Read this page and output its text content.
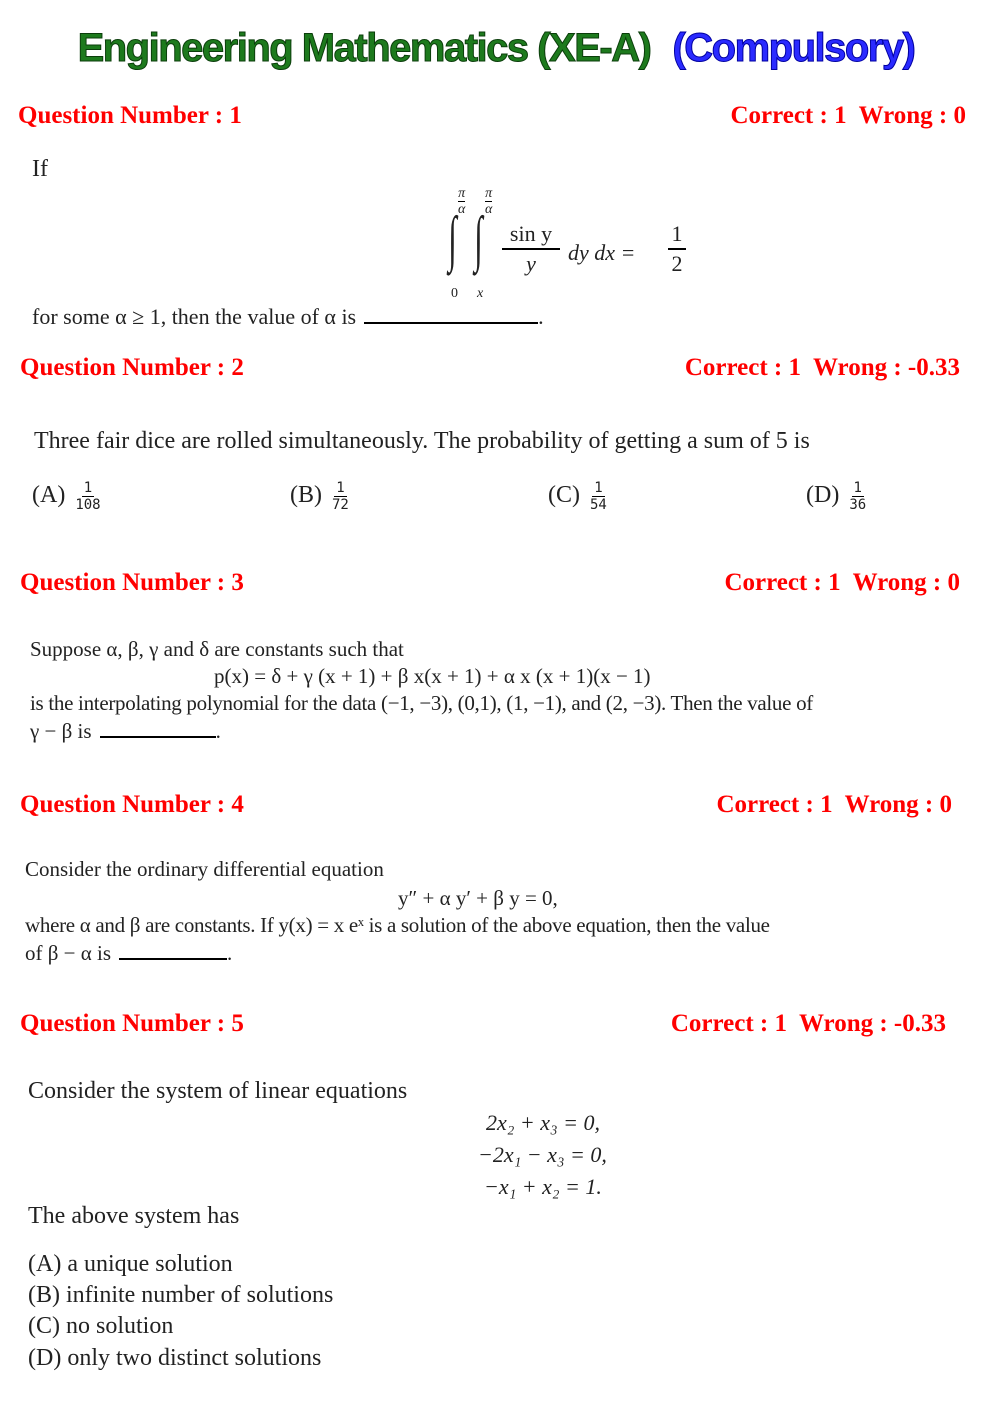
Engineering Mathematics (XE-A) (Compulsory)
Question Number : 1	Correct : 1 Wrong : 0
If
π
α
π
α
∫ ∫
0 x
$\frac{\text{sin y}}{y}$ dy dx = $\frac{1}{2}$
for some α ≥ 1, then the value of α is	.
Question Number : 2	Correct : 1 Wrong : -0.33
Three fair dice are rolled simultaneously. The probability of getting a sum of 5 is
$(A) \frac{1}{108}$	$(B) \frac{1}{72}$	$(C) \frac{1}{54}$	$(D) \frac{1}{36}$
Question Number : 3	Correct : 1 Wrong : 0
Suppose α, β, γ and δ are constants such that
p(x) = δ + γ (x + 1) + β x(x + 1) + α x (x + 1)(x − 1)
is the interpolating polynomial for the data (−1, −3), (0,1), (1, −1), and (2, −3). Then the value of
γ − β is	.
Question Number : 4	Correct : 1 Wrong : 0
Consider the ordinary differential equation
y″ + α y′ + β y = 0,
where α and β are constants. If y(x) = x eˣ is a solution of the above equation, then the value
of β − α is	.
Question Number : 5	Correct : 1 Wrong : -0.33
Consider the system of linear equations
2x₂ + x₃ = 0,
−2x₁ − x₃ = 0,
−x₁ + x₂ = 1.
The above system has
(A) a unique solution
(B) infinite number of solutions
(C) no solution
(D) only two distinct solutions
